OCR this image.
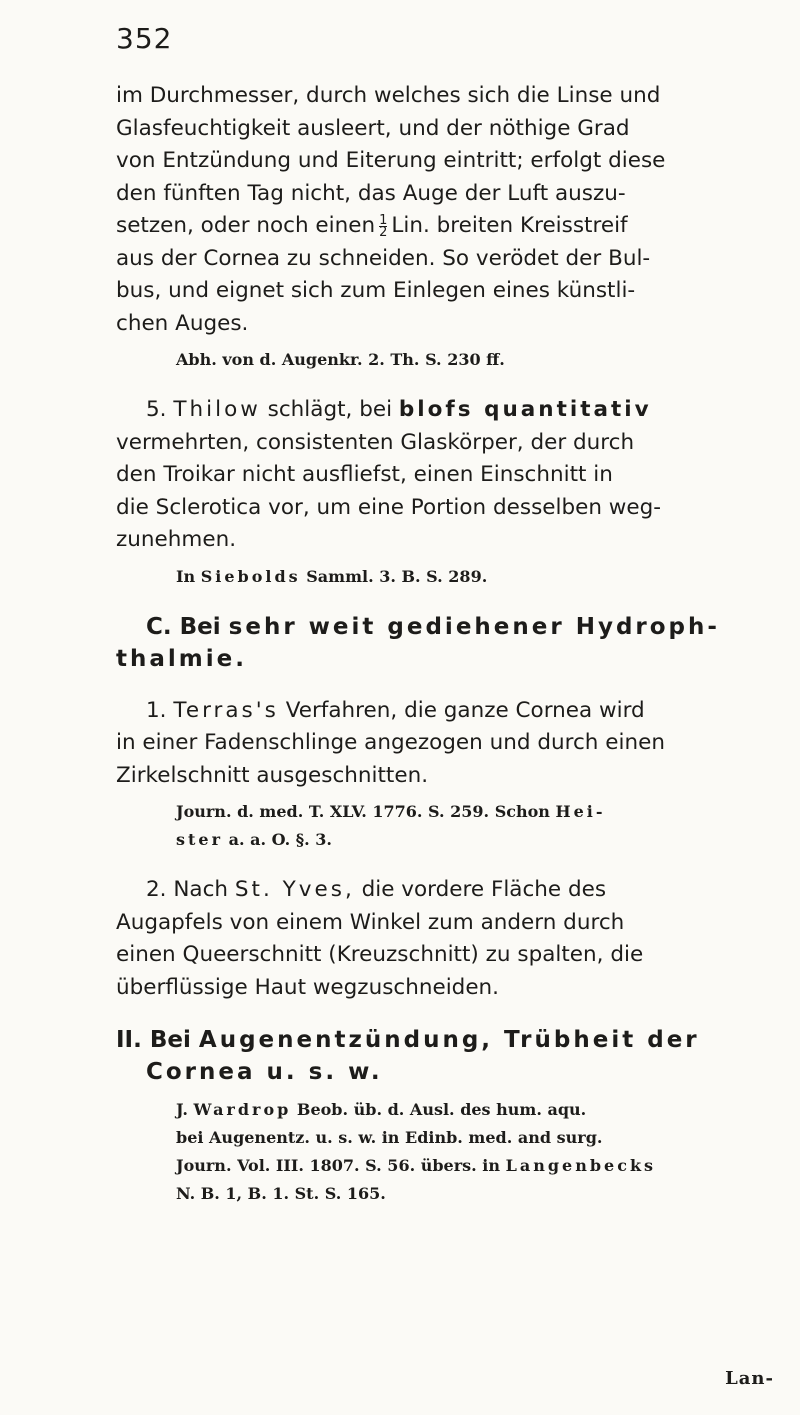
352

im Durchmesser, durch welches sich die Linse und
Glasfeuchtigkeit ausleert, und der nöthige Grad
von Entzündung und Eiterung eintritt; erfolgt diese
den fünften Tag nicht, das Auge der Luft auszu-
setzen, oder noch einen $\frac{1}{2}$ Lin. breiten Kreisstreif
aus der Cornea zu schneiden. So verödet der Bul-
bus, und eignet sich zum Einlegen eines künstli-
chen Auges.

Abh. von d. Augenkr. 2. Th. S. 230 ff.

5. Thilow schlägt, bei blofs quantitativ

vermehrten, consistenten Glaskörper, der durch
den Troikar nicht ausfliefst, einen Einschnitt in
die Sclerotica vor, um eine Portion desselben weg-
zunehmen.

In Siebolds Samml. 3. B. S. 289.

C. Bei sehr weit gediehener Hydroph-

thalmie.

1. Terras's Verfahren, die ganze Cornea wird

in einer Fadenschlinge angezogen und durch einen
Zirkelschnitt ausgeschnitten.

Journ. d. med. T. XLV. 1776. S. 259. Schon Hei-
ster a. a. O. §. 3.

2. Nach St. Yves, die vordere Fläche des

Augapfels von einem Winkel zum andern durch
einen Queerschnitt (Kreuzschnitt) zu spalten, die
überflüssige Haut wegzuschneiden.

II. Bei Augenentzündung, Trübheit der

Cornea u. s. w.

J. Wardrop Beob. üb. d. Ausl. des hum. aqu.
bei Augenentz. u. s. w. in Edinb. med. and surg.
Journ. Vol. III. 1807. S. 56. übers. in Langenbecks
N. B. 1, B. 1. St. S. 165.

Lan-
